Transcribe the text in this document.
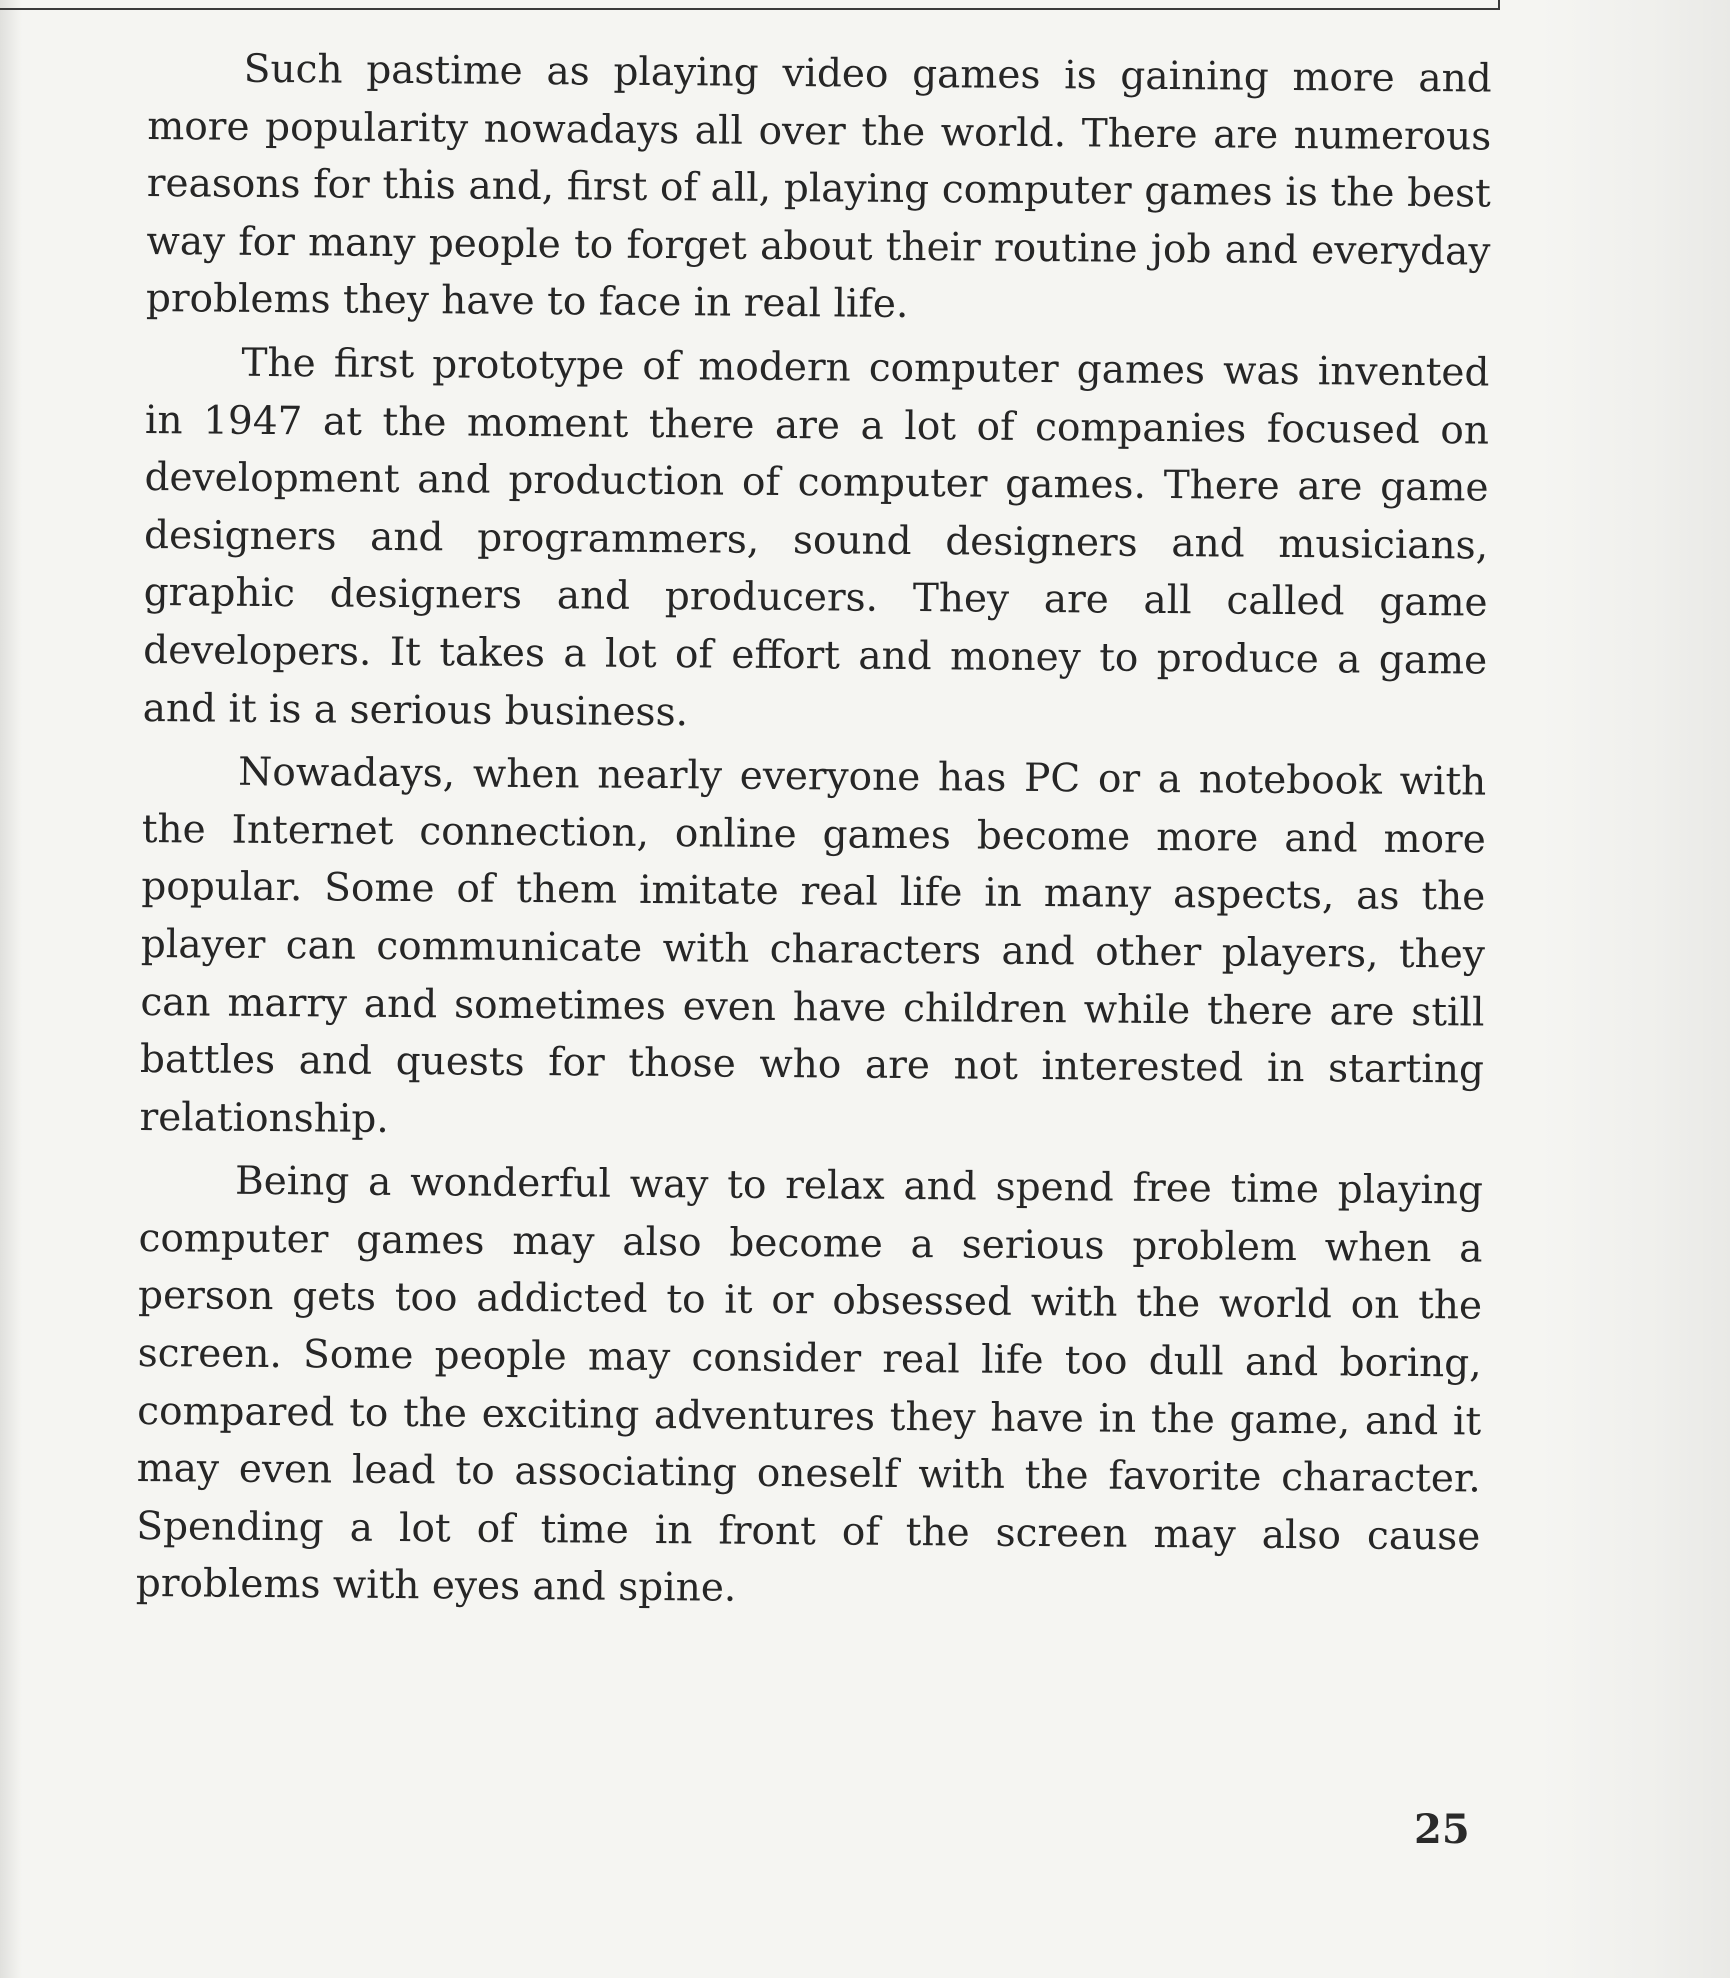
Such pastime as playing video games is gaining more and more popularity nowadays all over the world. There are numerous reasons for this and, first of all, playing computer games is the best way for many people to forget about their routine job and everyday problems they have to face in real life.

The first prototype of modern computer games was invented in 1947 at the moment there are a lot of companies focused on development and production of computer games. There are game designers and programmers, sound designers and musicians, graphic designers and producers. They are all called game developers. It takes a lot of effort and money to produce a game and it is a serious business.

Nowadays, when nearly everyone has PC or a notebook with the Internet connection, online games become more and more popular. Some of them imitate real life in many aspects, as the player can communicate with characters and other players, they can marry and sometimes even have children while there are still battles and quests for those who are not interested in starting relationship.

Being a wonderful way to relax and spend free time playing computer games may also become a serious problem when a person gets too addicted to it or obsessed with the world on the screen. Some people may consider real life too dull and boring, compared to the exciting adventures they have in the game, and it may even lead to associating oneself with the favorite character. Spending a lot of time in front of the screen may also cause problems with eyes and spine.

25
